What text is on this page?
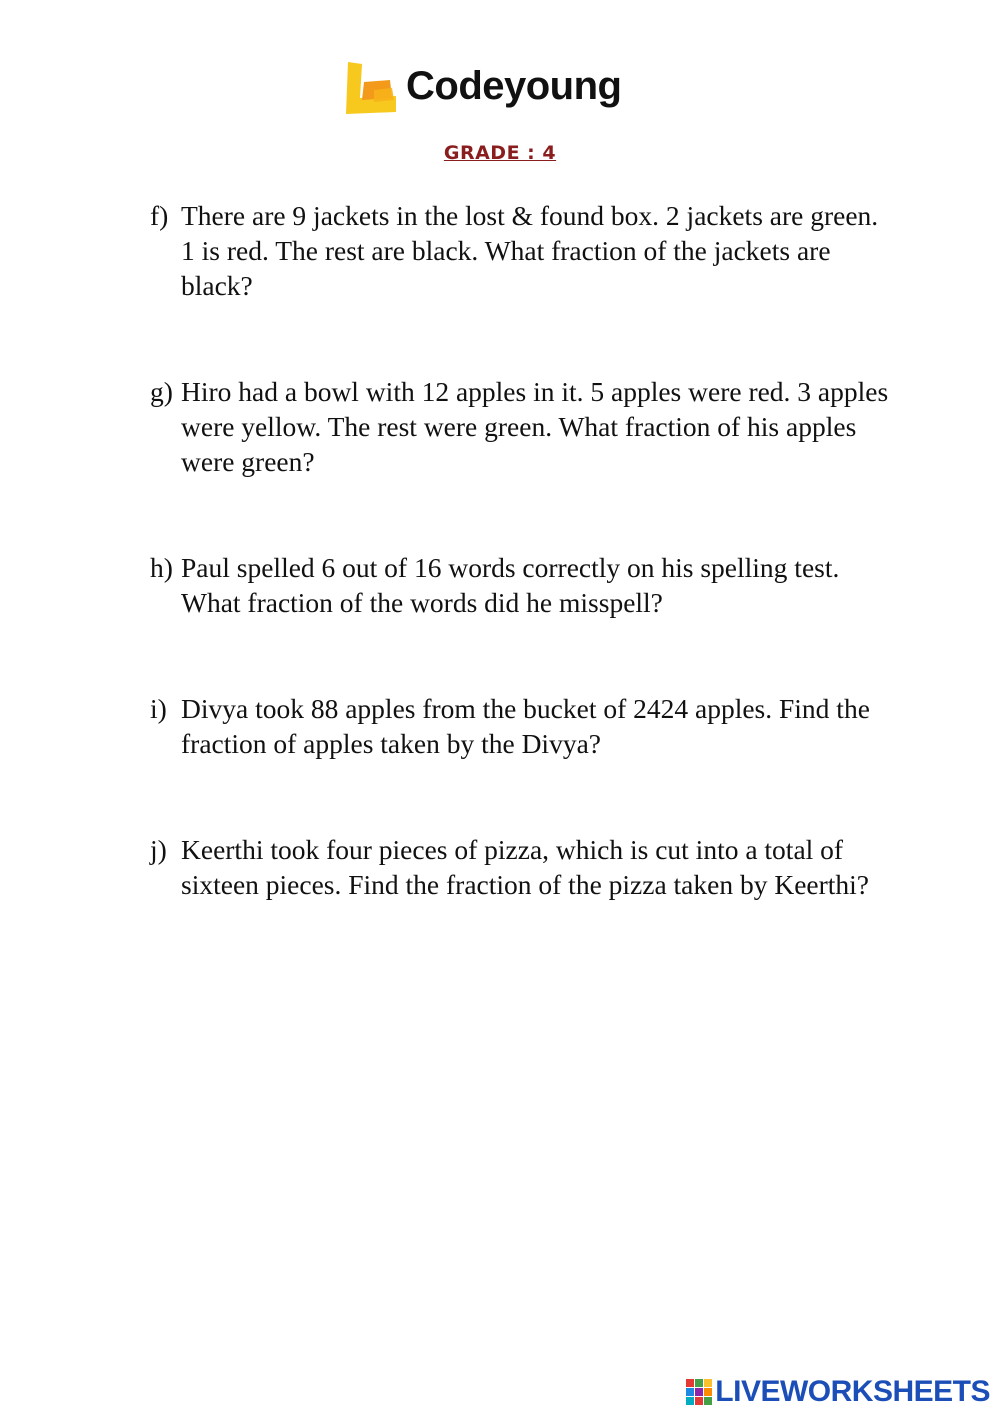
Codeyoung
GRADE : 4
f) There are 9 jackets in the lost & found box. 2 jackets are green. 1 is red. The rest are black. What fraction of the jackets are black?
g) Hiro had a bowl with 12 apples in it. 5 apples were red. 3 apples were yellow. The rest were green. What fraction of his apples were green?
h) Paul spelled 6 out of 16 words correctly on his spelling test. What fraction of the words did he misspell?
i) Divya took 88 apples from the bucket of 2424 apples. Find the fraction of apples taken by the Divya?
j) Keerthi took four pieces of pizza, which is cut into a total of sixteen pieces. Find the fraction of the pizza taken by Keerthi?
LIVEWORKSHEETS
